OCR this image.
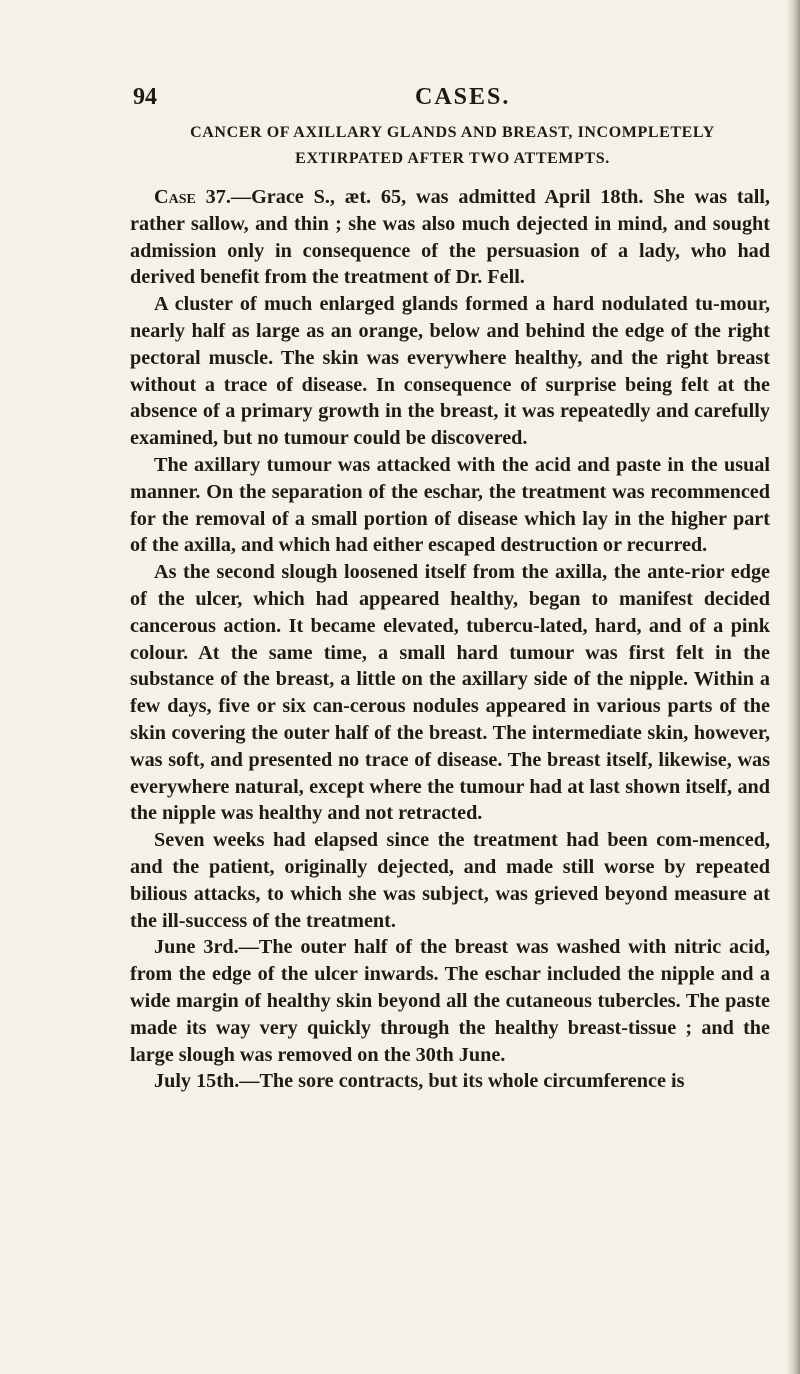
94	CASES.
CANCER OF AXILLARY GLANDS AND BREAST, INCOMPLETELY
EXTIRPATED AFTER TWO ATTEMPTS.

Case 37.—Grace S., æt. 65, was admitted April 18th. She was tall, rather sallow, and thin ; she was also much dejected in mind, and sought admission only in consequence of the persuasion of a lady, who had derived benefit from the treatment of Dr. Fell.

A cluster of much enlarged glands formed a hard nodulated tu-mour, nearly half as large as an orange, below and behind the edge of the right pectoral muscle. The skin was everywhere healthy, and the right breast without a trace of disease. In consequence of surprise being felt at the absence of a primary growth in the breast, it was repeatedly and carefully examined, but no tumour could be discovered.

The axillary tumour was attacked with the acid and paste in the usual manner. On the separation of the eschar, the treatment was recommenced for the removal of a small portion of disease which lay in the higher part of the axilla, and which had either escaped destruction or recurred.

As the second slough loosened itself from the axilla, the ante-rior edge of the ulcer, which had appeared healthy, began to manifest decided cancerous action. It became elevated, tubercu-lated, hard, and of a pink colour. At the same time, a small hard tumour was first felt in the substance of the breast, a little on the axillary side of the nipple. Within a few days, five or six can-cerous nodules appeared in various parts of the skin covering the outer half of the breast. The intermediate skin, however, was soft, and presented no trace of disease. The breast itself, likewise, was everywhere natural, except where the tumour had at last shown itself, and the nipple was healthy and not retracted.

Seven weeks had elapsed since the treatment had been com-menced, and the patient, originally dejected, and made still worse by repeated bilious attacks, to which she was subject, was grieved beyond measure at the ill-success of the treatment.

June 3rd.—The outer half of the breast was washed with nitric acid, from the edge of the ulcer inwards. The eschar included the nipple and a wide margin of healthy skin beyond all the cutaneous tubercles. The paste made its way very quickly through the healthy breast-tissue ; and the large slough was removed on the 30th June.

July 15th.—The sore contracts, but its whole circumference is
